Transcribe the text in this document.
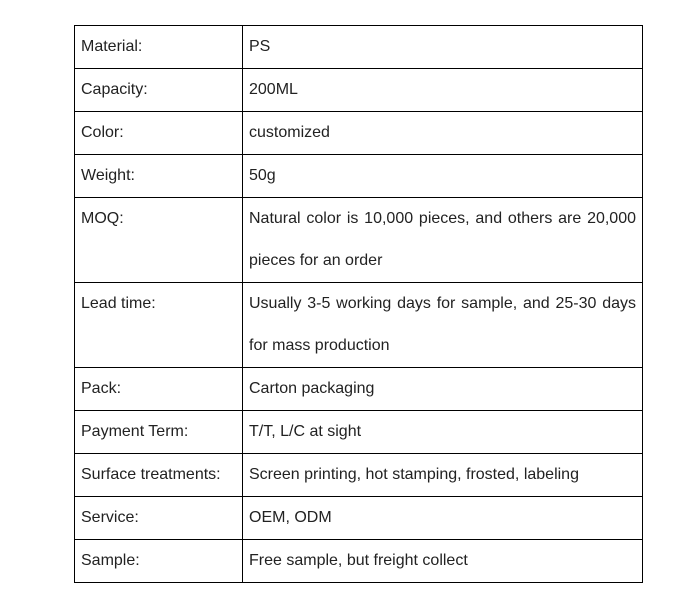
Material:	PS

Capacity:	200ML

Color:	customized

Weight:	50g

MOQ:	Natural color is 10,000 pieces, and others are 20,000 pieces for an order

Lead time:	Usually 3-5 working days for sample, and 25-30 days for mass production

Pack:	Carton packaging

Payment Term:	T/T, L/C at sight

Surface treatments:	Screen printing, hot stamping, frosted, labeling

Service:	OEM, ODM

Sample:	Free sample, but freight collect
